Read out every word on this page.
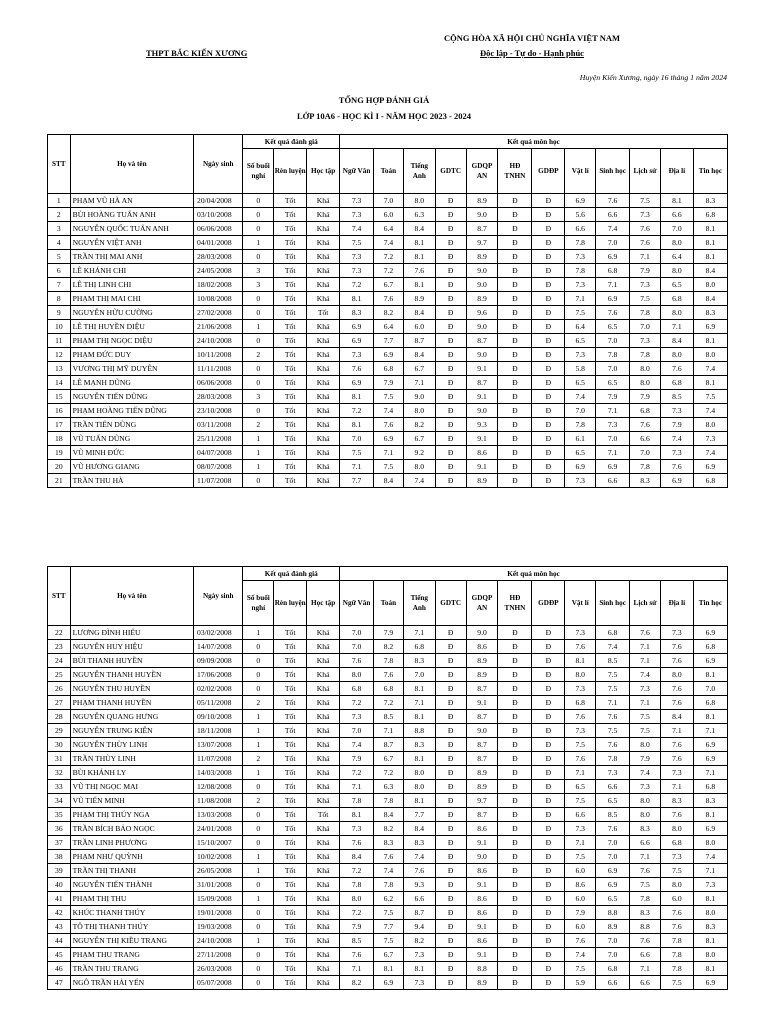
THPT BẮC KIẾN XƯƠNG
CỘNG HÒA XÃ HỘI CHỦ NGHĨA VIỆT NAM
Độc lập - Tự do - Hạnh phúc
Huyện Kiến Xương, ngày 16 tháng 1 năm 2024
TỔNG HỢP ĐÁNH GIÁ
LỚP 10A6 - HỌC KÌ I - NĂM HỌC 2023 - 2024
STT	Họ và tên	Ngày sinh	Kết quả đánh giá			Kết quả môn học											
			Số buổi nghỉ	Rèn luyện	Học tập	Ngữ Văn	Toán	Tiếng Anh	GDTC	GDQP AN	HĐ TNHN	GDĐP	Vật lí	Sinh học	Lịch sử	Địa lí	Tin học
1	PHẠM VŨ HÀ AN	20/04/2008	0	Tốt	Khá	7.3	7.0	8.0	Đ	8.9	Đ	Đ	6.9	7.6	7.5	8.1	8.3
2	BÙI HOÀNG TUẤN ANH	03/10/2008	0	Tốt	Khá	7.3	6.0	6.3	Đ	9.0	Đ	Đ	5.6	6.6	7.3	6.6	6.8
3	NGUYỄN QUỐC TUẤN ANH	06/06/2008	0	Tốt	Khá	7.4	6.4	8.4	Đ	8.7	Đ	Đ	6.6	7.4	7.6	7.0	8.1
4	NGUYỄN VIỆT ANH	04/01/2008	1	Tốt	Khá	7.5	7.4	8.1	Đ	9.7	Đ	Đ	7.8	7.0	7.6	8.0	8.1
5	TRẦN THỊ MAI ANH	28/03/2008	0	Tốt	Khá	7.3	7.2	8.1	Đ	8.9	Đ	Đ	7.3	6.9	7.1	6.4	8.1
6	LÊ KHÁNH CHI	24/05/2008	3	Tốt	Khá	7.3	7.2	7.6	Đ	9.0	Đ	Đ	7.8	6.8	7.9	8.0	8.4
7	LÊ THỊ LINH CHI	18/02/2008	3	Tốt	Khá	7.2	6.7	8.1	Đ	9.0	Đ	Đ	7.3	7.1	7.3	6.5	8.0
8	PHẠM THỊ MAI CHI	10/08/2008	0	Tốt	Khá	8.1	7.6	8.9	Đ	8.9	Đ	Đ	7.1	6.9	7.5	6.8	8.4
9	NGUYỄN HỮU CƯỜNG	27/02/2008	0	Tốt	Tốt	8.3	8.2	8.4	Đ	9.6	Đ	Đ	7.5	7.6	7.8	8.0	8.3
10	LÊ THỊ HUYỀN DIỆU	21/06/2008	1	Tốt	Khá	6.9	6.4	6.0	Đ	9.0	Đ	Đ	6.4	6.5	7.0	7.1	6.9
11	PHẠM THỊ NGỌC DIỆU	24/10/2008	0	Tốt	Khá	6.9	7.7	8.7	Đ	8.7	Đ	Đ	6.5	7.0	7.3	8.4	8.1
12	PHẠM ĐỨC DUY	10/11/2008	2	Tốt	Khá	7.3	6.9	8.4	Đ	9.0	Đ	Đ	7.3	7.8	7.8	8.0	8.0
13	VƯƠNG THỊ MỸ DUYÊN	11/11/2008	0	Tốt	Khá	7.6	6.8	6.7	Đ	9.1	Đ	Đ	5.8	7.0	8.0	7.6	7.4
14	LÊ MẠNH DŨNG	06/06/2008	0	Tốt	Khá	6.9	7.9	7.1	Đ	8.7	Đ	Đ	6.5	6.5	8.0	6.8	8.1
15	NGUYỄN TIẾN DŨNG	28/03/2008	3	Tốt	Khá	8.1	7.5	9.0	Đ	9.1	Đ	Đ	7.4	7.9	7.9	8.5	7.5
16	PHẠM HOÀNG TIẾN DŨNG	23/10/2008	0	Tốt	Khá	7.2	7.4	8.0	Đ	9.0	Đ	Đ	7.0	7.1	6.8	7.3	7.4
17	TRẦN TIẾN DŨNG	03/11/2008	2	Tốt	Khá	8.1	7.6	8.2	Đ	9.3	Đ	Đ	7.8	7.3	7.6	7.9	8.0
18	VŨ TUẤN DŨNG	25/11/2008	1	Tốt	Khá	7.0	6.9	6.7	Đ	9.1	Đ	Đ	6.1	7.0	6.6	7.4	7.3
19	VŨ MINH ĐỨC	04/07/2008	1	Tốt	Khá	7.5	7.1	9.2	Đ	8.6	Đ	Đ	6.5	7.1	7.0	7.3	7.4
20	VŨ HƯƠNG GIANG	08/07/2008	1	Tốt	Khá	7.1	7.5	8.0	Đ	9.1	Đ	Đ	6.9	6.9	7.8	7.6	6.9
21	TRẦN THU HÀ	11/07/2008	0	Tốt	Khá	7.7	8.4	7.4	Đ	8.9	Đ	Đ	7.3	6.6	8.3	6.9	6.8
STT	Họ và tên	Ngày sinh	Kết quả đánh giá			Kết quả môn học											
			Số buổi nghỉ	Rèn luyện	Học tập	Ngữ Văn	Toán	Tiếng Anh	GDTC	GDQP AN	HĐ TNHN	GDĐP	Vật lí	Sinh học	Lịch sử	Địa lí	Tin học
22	LƯƠNG ĐÌNH HIẾU	03/02/2008	1	Tốt	Khá	7.0	7.9	7.1	Đ	9.0	Đ	Đ	7.3	6.8	7.6	7.3	6.9
23	NGUYỄN HUY HIỆU	14/07/2008	0	Tốt	Khá	7.0	8.2	6.8	Đ	8.6	Đ	Đ	7.6	7.4	7.1	7.6	6.8
24	BÙI THANH HUYỀN	09/09/2008	0	Tốt	Khá	7.6	7.8	8.3	Đ	8.9	Đ	Đ	8.1	8.5	7.1	7.6	6.9
25	NGUYỄN THANH HUYỀN	17/06/2008	0	Tốt	Khá	8.0	7.6	7.0	Đ	8.9	Đ	Đ	8.0	7.5	7.4	8.0	8.1
26	NGUYỄN THU HUYỀN	02/02/2008	0	Tốt	Khá	6.8	6.8	8.1	Đ	8.7	Đ	Đ	7.3	7.5	7.3	7.6	7.0
27	PHẠM THANH HUYỀN	05/11/2008	2	Tốt	Khá	7.2	7.2	7.1	Đ	9.1	Đ	Đ	6.8	7.1	7.1	7.6	6.8
28	NGUYỄN QUANG HƯNG	09/10/2008	1	Tốt	Khá	7.3	8.5	8.1	Đ	8.7	Đ	Đ	7.6	7.6	7.5	8.4	8.1
29	NGUYỄN TRUNG KIÊN	18/11/2008	1	Tốt	Khá	7.0	7.1	8.8	Đ	9.0	Đ	Đ	7.3	7.5	7.5	7.1	7.1
30	NGUYỄN THÙY LINH	13/07/2008	1	Tốt	Khá	7.4	8.7	8.3	Đ	8.7	Đ	Đ	7.5	7.6	8.0	7.6	6.9
31	TRẦN THÙY LINH	11/07/2008	2	Tốt	Khá	7.9	6.7	8.1	Đ	8.7	Đ	Đ	7.6	7.8	7.9	7.6	6.9
32	BÙI KHÁNH LY	14/03/2008	1	Tốt	Khá	7.2	7.2	8.0	Đ	8.9	Đ	Đ	7.1	7.3	7.4	7.3	7.1
33	VŨ THỊ NGỌC MAI	12/08/2008	0	Tốt	Khá	7.1	6.3	8.0	Đ	8.9	Đ	Đ	6.5	6.6	7.3	7.1	6.8
34	VŨ TIẾN MINH	11/08/2008	2	Tốt	Khá	7.8	7.8	8.1	Đ	9.7	Đ	Đ	7.5	6.5	8.0	8.3	8.3
35	PHẠM THỊ THÚY NGA	13/03/2008	0	Tốt	Tốt	8.1	8.4	7.7	Đ	8.7	Đ	Đ	6.6	8.5	8.0	7.6	8.1
36	TRẦN BÍCH BẢO NGỌC	24/01/2008	0	Tốt	Khá	7.3	8.2	8.4	Đ	8.6	Đ	Đ	7.3	7.6	8.3	8.0	6.9
37	TRẦN LINH PHƯƠNG	15/10/2007	0	Tốt	Khá	7.6	8.3	8.3	Đ	9.1	Đ	Đ	7.1	7.0	6.6	6.8	8.0
38	PHẠM NHƯ QUỲNH	10/02/2008	1	Tốt	Khá	8.4	7.6	7.4	Đ	9.0	Đ	Đ	7.5	7.0	7.1	7.3	7.4
39	TRẦN THỊ THANH	26/05/2008	1	Tốt	Khá	7.2	7.4	7.6	Đ	8.6	Đ	Đ	6.0	6.9	7.6	7.5	7.1
40	NGUYỄN TIẾN THÀNH	31/01/2008	0	Tốt	Khá	7.8	7.8	9.3	Đ	9.1	Đ	Đ	8.6	6.9	7.5	8.0	7.3
41	PHẠM THỊ THU	15/09/2008	1	Tốt	Khá	8.0	6.2	6.6	Đ	8.6	Đ	Đ	6.0	6.5	7.8	6.0	8.1
42	KHÚC THANH THÚY	19/01/2008	0	Tốt	Khá	7.2	7.5	8.7	Đ	8.6	Đ	Đ	7.9	8.8	8.3	7.6	8.0
43	TÔ THỊ THANH THÚY	19/03/2008	0	Tốt	Khá	7.9	7.7	9.4	Đ	9.1	Đ	Đ	6.0	8.9	8.8	7.6	8.3
44	NGUYỄN THỊ KIỀU TRANG	24/10/2008	1	Tốt	Khá	8.5	7.5	8.2	Đ	8.6	Đ	Đ	7.6	7.0	7.6	7.8	8.1
45	PHẠM THU TRANG	27/11/2008	0	Tốt	Khá	7.6	6.7	7.3	Đ	9.1	Đ	Đ	7.4	7.0	6.6	7.8	8.0
46	TRẦN THU TRANG	26/03/2008	0	Tốt	Khá	7.1	8.1	8.1	Đ	8.8	Đ	Đ	7.5	6.8	7.1	7.8	8.1
47	NGÔ TRẦN HẢI YẾN	05/07/2008	0	Tốt	Khá	8.2	6.9	7.3	Đ	8.9	Đ	Đ	5.9	6.6	6.6	7.5	6.9
